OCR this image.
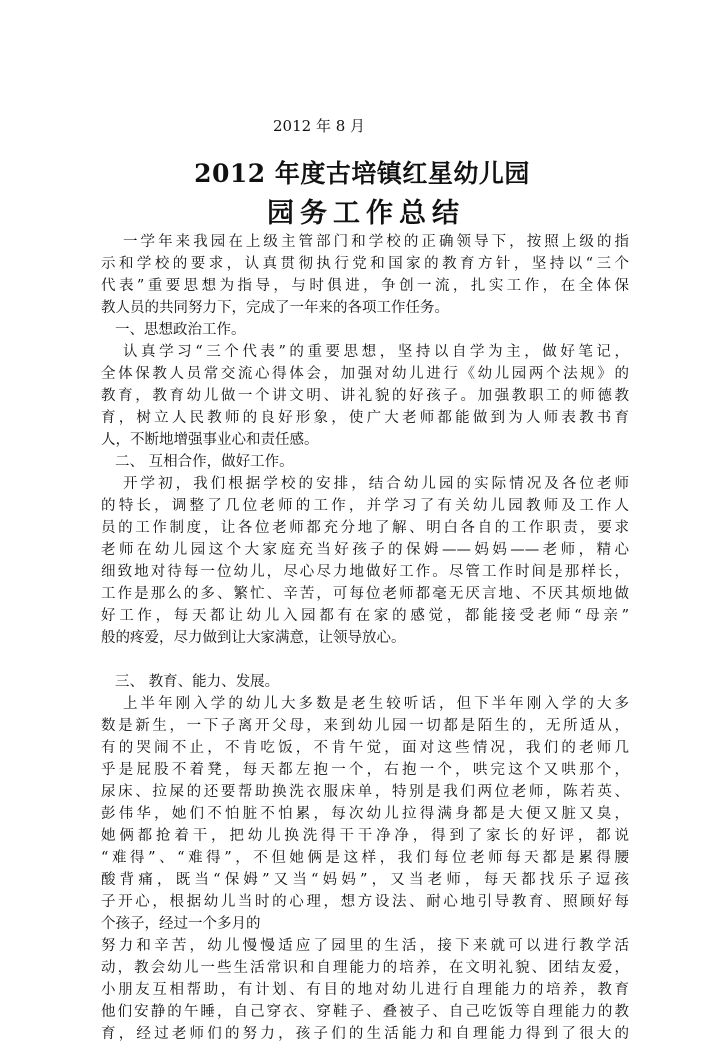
2012 年 8 月
2012 年度古培镇红星幼儿园
园务工作总结
一学年来我园在上级主管部门和学校的正确领导下，按照上级的指
示和学校的要求，认真贯彻执行党和国家的教育方针，坚持以“三个
代表”重要思想为指导，与时俱进，争创一流，扎实工作，在全体保
教人员的共同努力下，完成了一年来的各项工作任务。
一、思想政治工作。
认真学习“三个代表”的重要思想，坚持以自学为主，做好笔记，
全体保教人员常交流心得体会，加强对幼儿进行《幼儿园两个法规》的
教育，教育幼儿做一个讲文明、讲礼貌的好孩子。加强教职工的师德教
育，树立人民教师的良好形象，使广大老师都能做到为人师表教书育
人，不断地增强事业心和责任感。
二、 互相合作，做好工作。
开学初，我们根据学校的安排，结合幼儿园的实际情况及各位老师
的特长，调整了几位老师的工作，并学习了有关幼儿园教师及工作人
员的工作制度，让各位老师都充分地了解、明白各自的工作职责，要求
老师在幼儿园这个大家庭充当好孩子的保姆——妈妈——老师，精心
细致地对待每一位幼儿，尽心尽力地做好工作。尽管工作时间是那样长，
工作是那么的多、繁忙、辛苦，可每位老师都毫无厌言地、不厌其烦地做
好工作，每天都让幼儿入园都有在家的感觉，都能接受老师“母亲”
般的疼爱，尽力做到让大家满意，让领导放心。
三、 教育、能力、发展。
上半年刚入学的幼儿大多数是老生较听话，但下半年刚入学的大多
数是新生，一下子离开父母，来到幼儿园一切都是陌生的，无所适从，
有的哭闹不止，不肯吃饭，不肯午觉，面对这些情况，我们的老师几
乎是屁股不着凳，每天都左抱一个，右抱一个，哄完这个又哄那个，
尿床、拉屎的还要帮助换洗衣服床单，特别是我们两位老师，陈若英、
彭伟华，她们不怕脏不怕累，每次幼儿拉得满身都是大便又脏又臭，
她俩都抢着干，把幼儿换洗得干干净净，得到了家长的好评，都说
“难得”、“难得”，不但她俩是这样，我们每位老师每天都是累得腰
酸背痛，既当“保姆”又当“妈妈”，又当老师，每天都找乐子逗孩
子开心，根据幼儿当时的心理，想方设法、耐心地引导教育、照顾好每
个孩子，经过一个多月的
努力和辛苦，幼儿慢慢适应了园里的生活，接下来就可以进行教学活
动，教会幼儿一些生活常识和自理能力的培养，在文明礼貌、团结友爱，
小朋友互相帮助，有计划、有目的地对幼儿进行自理能力的培养，教育
他们安静的午睡，自己穿衣、穿鞋子、叠被子、自己吃饭等自理能力的教
育，经过老师们的努力，孩子们的生活能力和自理能力得到了很大的
